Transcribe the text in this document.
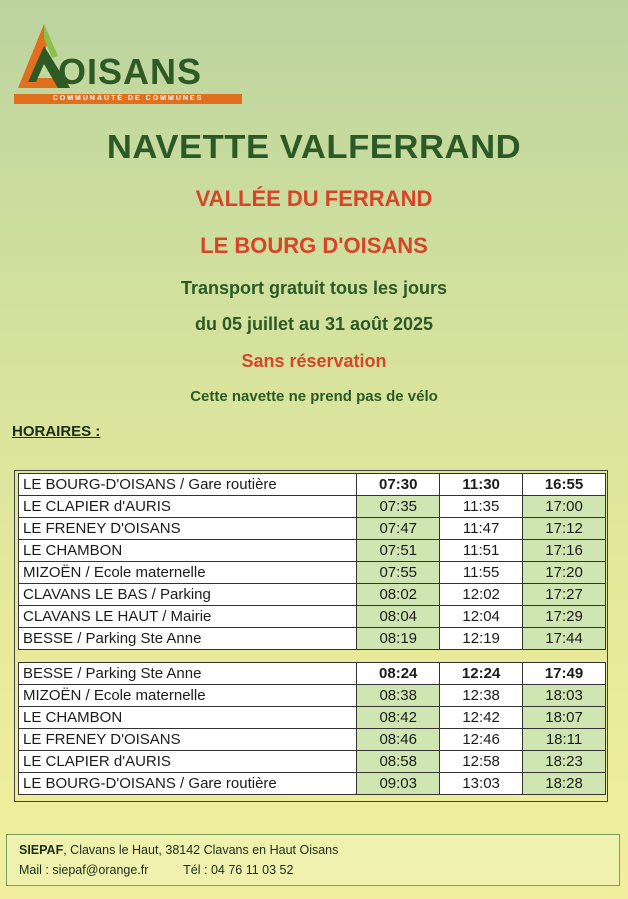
OISANS
COMMUNAUTÉ DE COMMUNES
NAVETTE VALFERRAND
VALLÉE DU FERRAND
LE BOURG D'OISANS
Transport gratuit tous les jours
du 05 juillet au 31 août 2025
Sans réservation
Cette navette ne prend pas de vélo
HORAIRES :
LE BOURG-D'OISANS / Gare routière	07:30	11:30	16:55
LE CLAPIER d'AURIS	07:35	11:35	17:00
LE FRENEY D'OISANS	07:47	11:47	17:12
LE CHAMBON	07:51	11:51	17:16
MIZOËN / Ecole maternelle	07:55	11:55	17:20
CLAVANS LE BAS / Parking	08:02	12:02	17:27
CLAVANS LE HAUT / Mairie	08:04	12:04	17:29
BESSE / Parking Ste Anne	08:19	12:19	17:44
BESSE / Parking Ste Anne	08:24	12:24	17:49
MIZOËN / Ecole maternelle	08:38	12:38	18:03
LE CHAMBON	08:42	12:42	18:07
LE FRENEY D'OISANS	08:46	12:46	18:11
LE CLAPIER d'AURIS	08:58	12:58	18:23
LE BOURG-D'OISANS / Gare routière	09:03	13:03	18:28
SIEPAF, Clavans le Haut, 38142 Clavans en Haut Oisans
Mail : siepaf@orange.fr	Tél : 04 76 11 03 52
